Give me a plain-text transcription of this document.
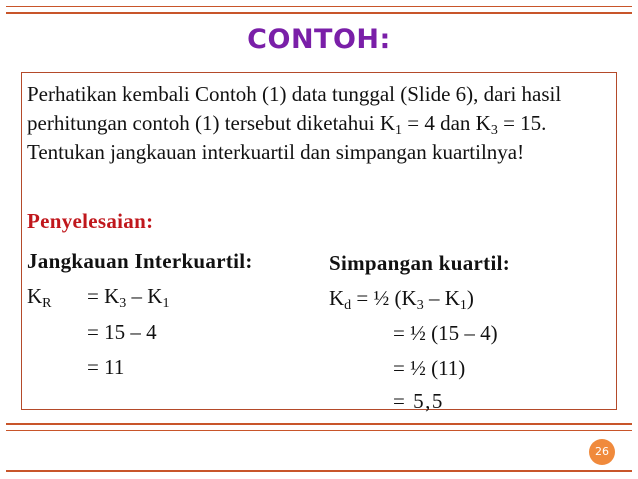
CONTOH:

Perhatikan kembali Contoh (1) data tunggal (Slide 6), dari hasil perhitungan contoh (1) tersebut diketahui $K_1 = 4$ dan $K_3 = 15$. Tentukan jangkauan interkuartil dan simpangan kuartilnya!

Penyelesaian:
Jangkauan Interkuartil:
$K_R = K_3 - K_1$
= 15 – 4
= 11
Simpangan kuartil:
$K_d$ = ½ $(K_3 - K_1)$
= ½ (15 – 4)
= ½ (11)
= 5,5
26
